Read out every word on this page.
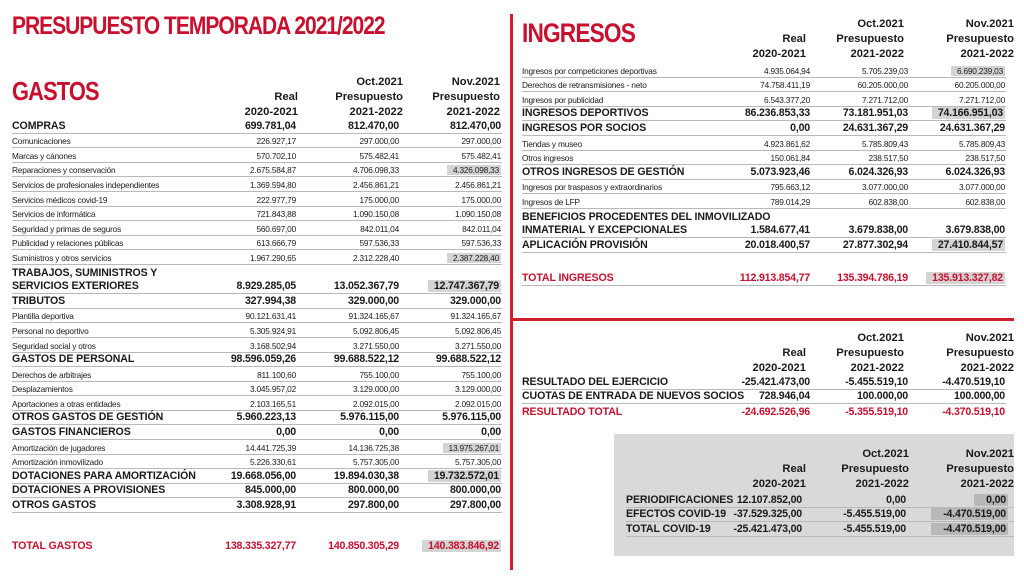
PRESUPUESTO TEMPORADA 2021/2022
GASTOS
INGRESOS
Real
2020-2021
Oct.2021
Presupuesto
2021-2022
Nov.2021
Presupuesto
2021-2022
COMPRAS	699.781,04	812.470,00	812.470,00
Comunicaciones	226.927,17	297.000,00	297.000,00
Marcas y cánones	570.702,10	575.482,41	575.482,41
Reparaciones y conservación	2.675.584,87	4.706.098,33	4.326.098,33
Servicios de profesionales independientes	1.369.594,80	2.456.861,21	2.456.861,21
Servicios médicos covid-19	222.977,79	175.000,00	175.000,00
Servicios de informática	721.843,88	1.090.150,08	1.090.150,08
Seguridad y primas de seguros	560.697,00	842.011,04	842.011,04
Publicidad y relaciones públicas	613.666,79	597.536,33	597.536,33
Suministros y otros servicios	1.967.290,65	2.312.228,40	2.387.228,40
TRABAJOS, SUMINISTROS Y
SERVICIOS EXTERIORES	8.929.285,05	13.052.367,79	12.747.367,79
TRIBUTOS	327.994,38	329.000,00	329.000,00
Plantilla deportiva	90.121.631,41	91.324.165,67	91.324.165,67
Personal no deportivo	5.305.924,91	5.092.806,45	5.092.806,45
Seguridad social y otros	3.168.502,94	3.271.550,00	3.271.550,00
GASTOS DE PERSONAL	98.596.059,26	99.688.522,12	99.688.522,12
Derechos de arbitrajes	811.100,60	755.100,00	755.100,00
Desplazamientos	3.045.957,02	3.129.000,00	3.129.000,00
Aportaciones a otras entidades	2.103.165,51	2.092.015,00	2.092.015,00
OTROS GASTOS DE GESTIÓN	5.960.223,13	5.976.115,00	5.976.115,00
GASTOS FINANCIEROS	0,00	0,00	0,00
Amortización de jugadores	14.441.725,39	14.136.725,38	13.975.267,01
Amortización inmovilizado	5.226.330,61	5.757.305,00	5.757.305,00
DOTACIONES PARA AMORTIZACIÓN	19.668.056,00	19.894.030,38	19.732.572,01
DOTACIONES A PROVISIONES	845.000,00	800.000,00	800.000,00
OTROS GASTOS	3.308.928,91	297.800,00	297.800,00
TOTAL GASTOS	138.335.327,77	140.850.305,29	140.383.846,92
Real
2020-2021
Oct.2021
Presupuesto
2021-2022
Nov.2021
Presupuesto
2021-2022
Ingresos por competiciones deportivas	4.935.064,94	5.705.239,03	6.690.239,03
Derechos de retransmisiones - neto	74.758.411,19	60.205.000,00	60.205.000,00
Ingresos por publicidad	6.543.377,20	7.271.712,00	7.271.712,00
INGRESOS DEPORTIVOS	86.236.853,33	73.181.951,03	74.166.951,03
INGRESOS POR SOCIOS	0,00	24.631.367,29	24.631.367,29
Tiendas y museo	4.923.861,62	5.785.809,43	5.785.809,43
Otros ingresos	150.061,84	238.517,50	238.517,50
OTROS INGRESOS DE GESTIÓN	5.073.923,46	6.024.326,93	6.024.326,93
Ingresos por traspasos y extraordinarios	795.663,12	3.077.000,00	3.077.000,00
Ingresos de LFP	789.014,29	602.838,00	602.838,00
BENEFICIOS PROCEDENTES DEL INMOVILIZADO
INMATERIAL Y EXCEPCIONALES	1.584.677,41	3.679.838,00	3.679.838,00
APLICACIÓN PROVISIÓN	20.018.400,57	27.877.302,94	27.410.844,57
TOTAL INGRESOS	112.913.854,77	135.394.786,19	135.913.327,82
Real
2020-2021
Oct.2021
Presupuesto
2021-2022
Nov.2021
Presupuesto
2021-2022
RESULTADO DEL EJERCICIO	-25.421.473,00	-5.455.519,10	-4.470.519,10
CUOTAS DE ENTRADA DE NUEVOS SOCIOS 728.946,04	100.000,00	100.000,00
RESULTADO TOTAL	-24.692.526,96	-5.355.519,10	-4.370.519,10
Real
2020-2021
Oct.2021
Presupuesto
2021-2022
Nov.2021
Presupuesto
2021-2022
PERIODIFICACIONES 12.107.852,00	0,00	0,00
EFECTOS COVID-19 -37.529.325,00	-5.455.519,00	-4.470.519,00
TOTAL COVID-19 -25.421.473,00	-5.455.519,00	-4.470.519,00
